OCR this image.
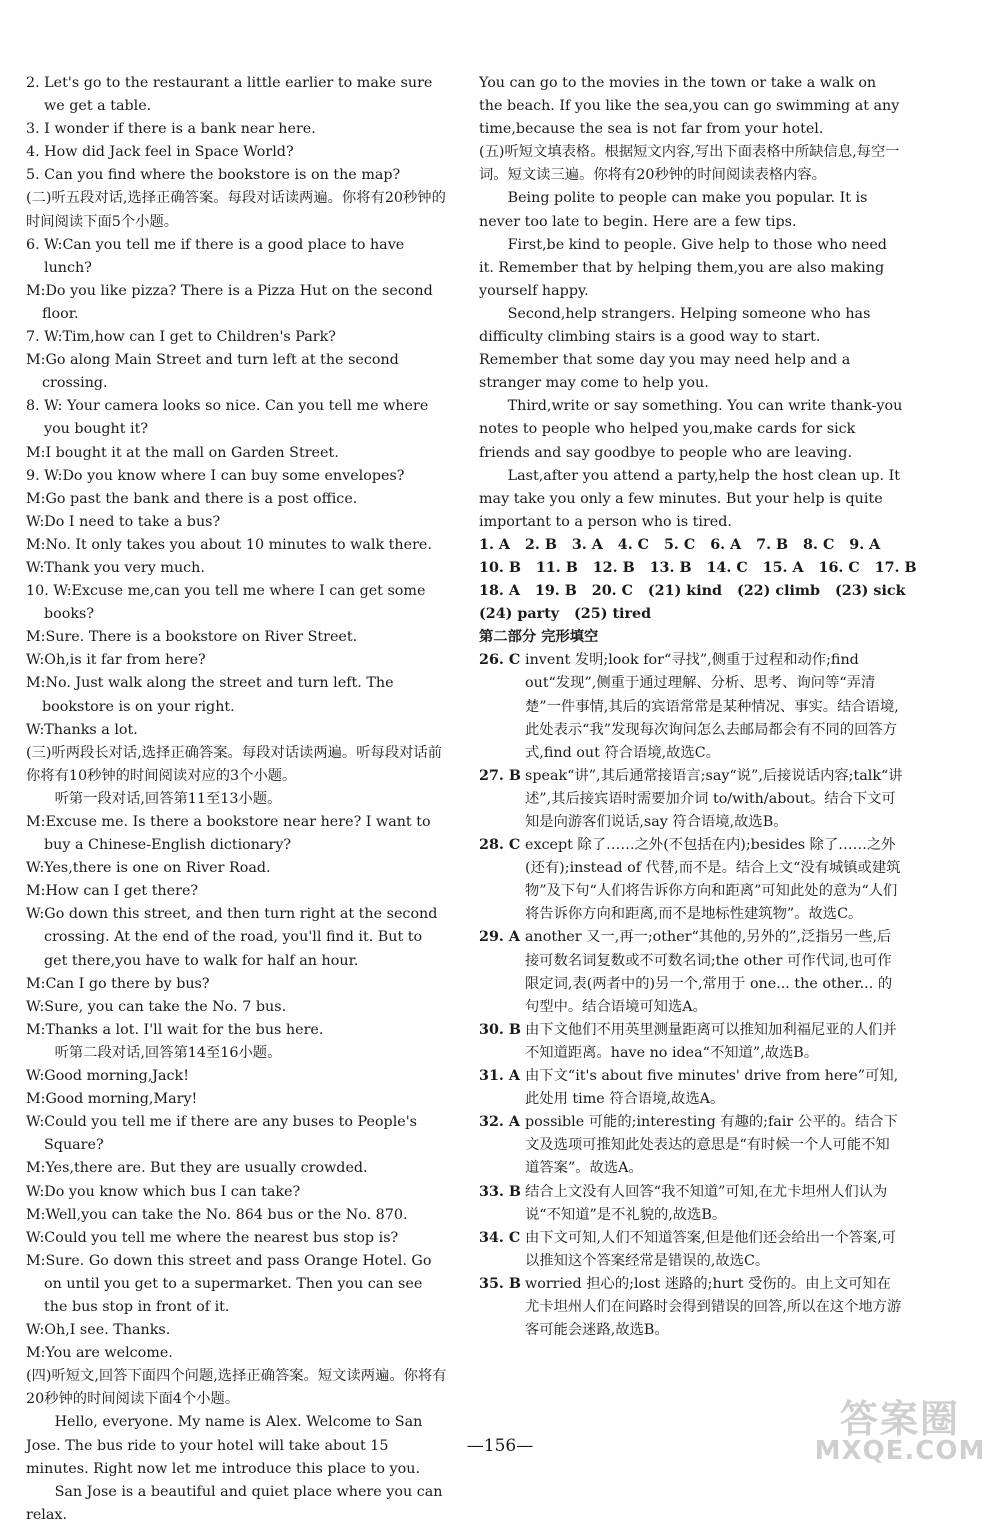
2. Let's go to the restaurant a little earlier to make sure we get a table.
3. I wonder if there is a bank near here.
4. How did Jack feel in Space World?
5. Can you find where the bookstore is on the map?
(二)听五段对话,选择正确答案。每段对话读两遍。你将有20秒钟的时间阅读下面5个小题。
6. W:Can you tell me if there is a good place to have lunch?
M:Do you like pizza? There is a Pizza Hut on the second floor.
7. W:Tim,how can I get to Children's Park?
M:Go along Main Street and turn left at the second crossing.
8. W: Your camera looks so nice. Can you tell me where you bought it?
M:I bought it at the mall on Garden Street.
9. W:Do you know where I can buy some envelopes?
M:Go past the bank and there is a post office.
W:Do I need to take a bus?
M:No. It only takes you about 10 minutes to walk there.
W:Thank you very much.
10. W:Excuse me,can you tell me where I can get some books?
M:Sure. There is a bookstore on River Street.
W:Oh,is it far from here?
M:No. Just walk along the street and turn left. The bookstore is on your right.
W:Thanks a lot.
(三)听两段长对话,选择正确答案。每段对话读两遍。听每段对话前你将有10秒钟的时间阅读对应的3个小题。
听第一段对话,回答第11至13小题。
M:Excuse me. Is there a bookstore near here? I want to buy a Chinese-English dictionary?
W:Yes,there is one on River Road.
M:How can I get there?
W:Go down this street, and then turn right at the second crossing. At the end of the road, you'll find it. But to get there,you have to walk for half an hour.
M:Can I go there by bus?
W:Sure, you can take the No. 7 bus.
M:Thanks a lot. I'll wait for the bus here.
听第二段对话,回答第14至16小题。
W:Good morning,Jack!
M:Good morning,Mary!
W:Could you tell me if there are any buses to People's Square?
M:Yes,there are. But they are usually crowded.
W:Do you know which bus I can take?
M:Well,you can take the No. 864 bus or the No. 870.
W:Could you tell me where the nearest bus stop is?
M:Sure. Go down this street and pass Orange Hotel. Go on until you get to a supermarket. Then you can see the bus stop in front of it.
W:Oh,I see. Thanks.
M:You are welcome.
(四)听短文,回答下面四个问题,选择正确答案。短文读两遍。你将有20秒钟的时间阅读下面4个小题。
Hello, everyone. My name is Alex. Welcome to San Jose. The bus ride to your hotel will take about 15 minutes. Right now let me introduce this place to you.
San Jose is a beautiful and quiet place where you can relax.
You can go to the movies in the town or take a walk on the beach. If you like the sea,you can go swimming at any time,because the sea is not far from your hotel.
(五)听短文填表格。根据短文内容,写出下面表格中所缺信息,每空一词。短文读三遍。你将有20秒钟的时间阅读表格内容。
Being polite to people can make you popular. It is never too late to begin. Here are a few tips.
First,be kind to people. Give help to those who need it. Remember that by helping them,you are also making yourself happy.
Second,help strangers. Helping someone who has difficulty climbing stairs is a good way to start. Remember that some day you may need help and a stranger may come to help you.
Third,write or say something. You can write thank-you notes to people who helped you,make cards for sick friends and say goodbye to people who are leaving.
Last,after you attend a party,help the host clean up. It may take you only a few minutes. But your help is quite important to a person who is tired.
1. A   2. B   3. A   4. C   5. C   6. A   7. B   8. C   9. A
10. B   11. B   12. B   13. B   14. C   15. A   16. C   17. B
18. A   19. B   20. C   (21) kind   (22) climb   (23) sick
(24) party   (25) tired
第二部分 完形填空
26. C invent 发明;look for“寻找”,侧重于过程和动作;find out“发现”,侧重于通过理解、分析、思考、询问等“弄清楚”一件事情,其后的宾语常常是某种情况、事实。结合语境,此处表示“我”发现每次询问怎么去邮局都会有不同的回答方式,find out 符合语境,故选C。
27. B speak“讲”,其后通常接语言;say“说”,后接说话内容;talk“讲述”,其后接宾语时需要加介词 to/with/about。结合下文可知是向游客们说话,say 符合语境,故选B。
28. C except 除了……之外(不包括在内);besides 除了……之外(还有);instead of 代替,而不是。结合上文“没有城镇或建筑物”及下句“人们将告诉你方向和距离”可知此处的意为“人们将告诉你方向和距离,而不是地标性建筑物”。故选C。
29. A another 又一,再一;other“其他的,另外的”,泛指另一些,后接可数名词复数或不可数名词;the other 可作代词,也可作限定词,表(两者中的)另一个,常用于 one... the other... 的句型中。结合语境可知选A。
30. B 由下文他们不用英里测量距离可以推知加利福尼亚的人们并不知道距离。have no idea“不知道”,故选B。
31. A 由下文“it's about five minutes' drive from here”可知,此处用 time 符合语境,故选A。
32. A possible 可能的;interesting 有趣的;fair 公平的。结合下文及选项可推知此处表达的意思是“有时候一个人可能不知道答案”。故选A。
33. B 结合上文没有人回答“我不知道”可知,在尤卡坦州人们认为说“不知道”是不礼貌的,故选B。
34. C 由下文可知,人们不知道答案,但是他们还会给出一个答案,可以推知这个答案经常是错误的,故选C。
35. B worried 担心的;lost 迷路的;hurt 受伤的。由上文可知在尤卡坦州人们在问路时会得到错误的回答,所以在这个地方游客可能会迷路,故选B。
—156—
答案圈
MXQE.COM
